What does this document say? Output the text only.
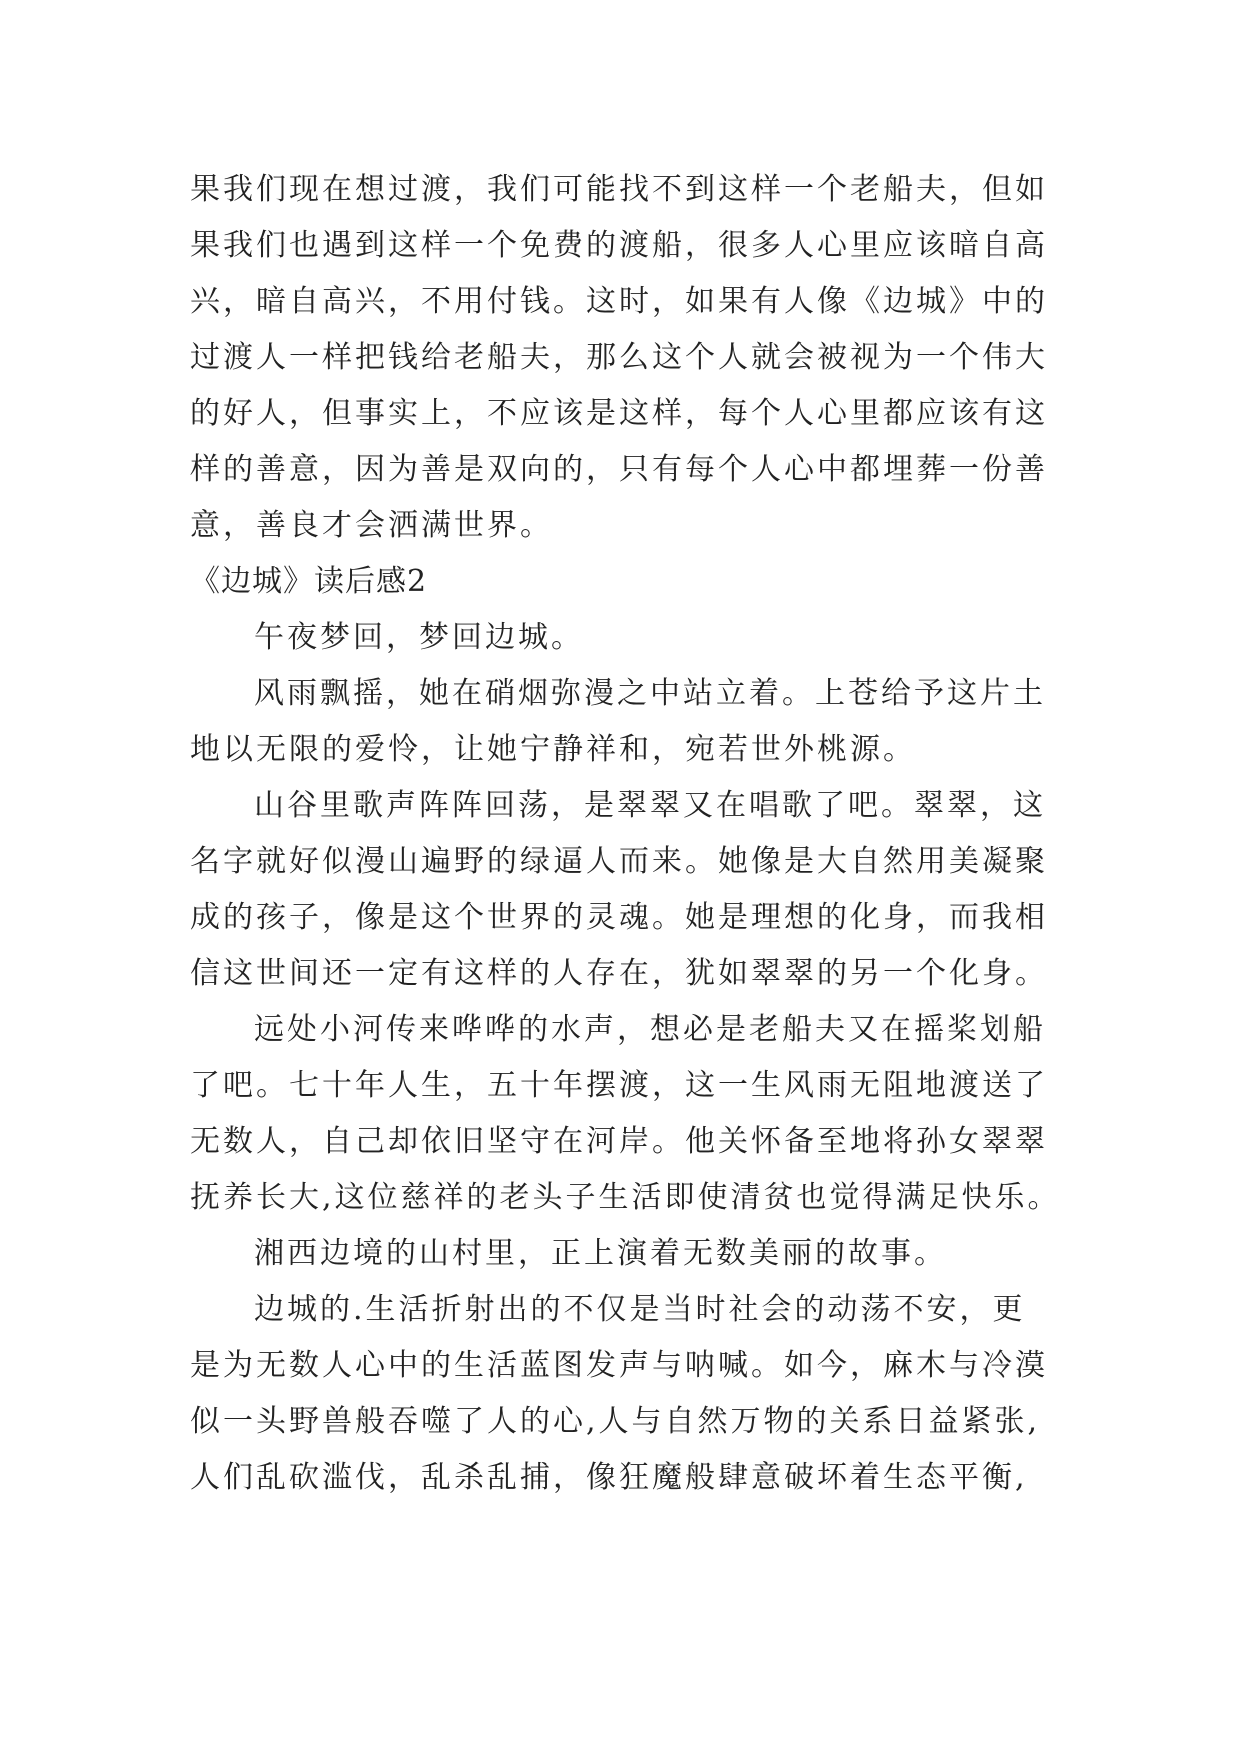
果我们现在想过渡，我们可能找不到这样一个老船夫，但如
果我们也遇到这样一个免费的渡船，很多人心里应该暗自高
兴，暗自高兴，不用付钱。这时，如果有人像《边城》中的
过渡人一样把钱给老船夫，那么这个人就会被视为一个伟大
的好人，但事实上，不应该是这样，每个人心里都应该有这
样的善意，因为善是双向的，只有每个人心中都埋葬一份善
意，善良才会洒满世界。
《边城》读后感2
午夜梦回，梦回边城。
风雨飘摇，她在硝烟弥漫之中站立着。上苍给予这片土
地以无限的爱怜，让她宁静祥和，宛若世外桃源。
山谷里歌声阵阵回荡，是翠翠又在唱歌了吧。翠翠，这
名字就好似漫山遍野的绿逼人而来。她像是大自然用美凝聚
成的孩子，像是这个世界的灵魂。她是理想的化身，而我相
信这世间还一定有这样的人存在，犹如翠翠的另一个化身。
远处小河传来哗哗的水声，想必是老船夫又在摇桨划船
了吧。七十年人生，五十年摆渡，这一生风雨无阻地渡送了
无数人，自己却依旧坚守在河岸。他关怀备至地将孙女翠翠
抚养长大,这位慈祥的老头子生活即使清贫也觉得满足快乐。
湘西边境的山村里，正上演着无数美丽的故事。
边城的.生活折射出的不仅是当时社会的动荡不安，更
是为无数人心中的生活蓝图发声与呐喊。如今，麻木与冷漠
似一头野兽般吞噬了人的心,人与自然万物的关系日益紧张,
人们乱砍滥伐，乱杀乱捕，像狂魔般肆意破坏着生态平衡,
